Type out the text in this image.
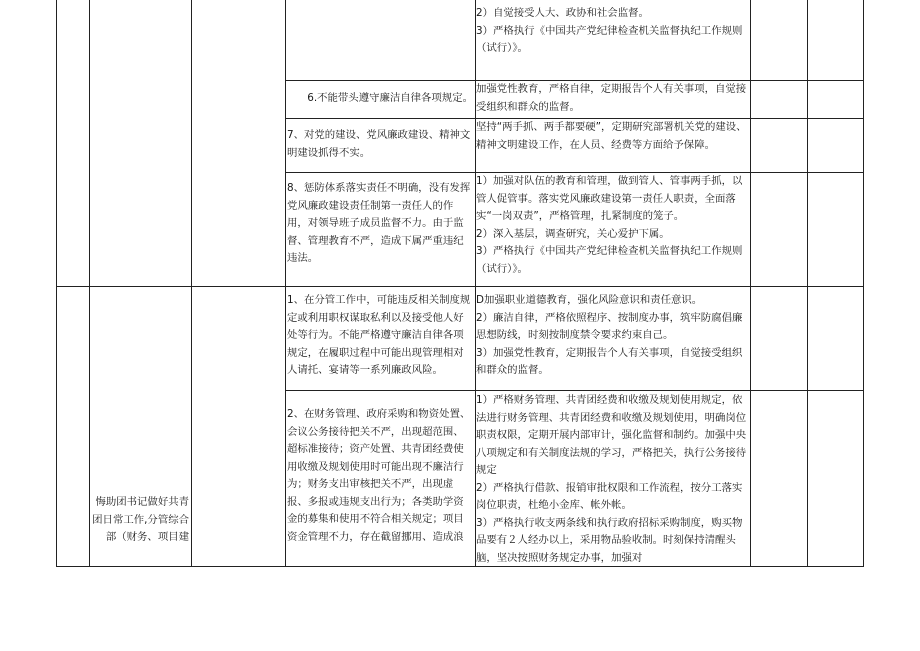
2）自觉接受人大、政协和社会监督。

3）严格执行《中国共产党纪律检查机关监督执纪工作规则（试行）》。

6.不能带头遵守廉洁自律各项规定。

加强党性教育，严格自律，定期报告个人有关事项，自觉接受组织和群众的监督。

7、对党的建设、党风廉政建设、精神文明建设抓得不实。

坚持“两手抓、两手都要硬”，定期研究部署机关党的建设、精神文明建设工作，在人员、经费等方面给予保障。

8、惩防体系落实责任不明确，没有发挥党风廉政建设责任制第一责任人的作用，对领导班子成员监督不力。由于监督、管理教育不严，造成下属严重违纪违法。

1）加强对队伍的教育和管理，做到管人、管事两手抓，以管人促管事。落实党风廉政建设第一责任人职责，全面落实“一岗双责”，严格管理，扎紧制度的笼子。

2）深入基层，调查研究，关心爱护下属。

3）严格执行《中国共产党纪律检查机关监督执纪工作规则（试行）》。

1、在分管工作中，可能违反相关制度规定或利用职权谋取私利以及接受他人好处等行为。不能严格遵守廉洁自律各项规定，在履职过程中可能出现管理相对人请托、宴请等一系列廉政风险。

D加强职业道德教育，强化风险意识和责任意识。

2）廉洁自律，严格依照程序、按制度办事，筑牢防腐倡廉思想防线，时刻按制度禁令要求约束自己。

3）加强党性教育，定期报告个人有关事项，自觉接受组织和群众的监督。

2、在财务管理、政府采购和物资处置、会议公务接待把关不严，出现超范围、超标准接待；资产处置、共青团经费使用收缴及规划使用时可能出现不廉洁行为；财务支出审核把关不严，出现虚报、多报或违规支出行为；各类助学资金的募集和使用不符合相关规定；项目资金管理不力，存在截留挪用、造成浪

1）严格财务管理、共青团经费和收缴及规划使用规定，依法进行财务管理、共青团经费和收缴及规划使用，明确岗位职责权限，定期开展内部审计，强化监督和制约。加强中央八项规定和有关制度法规的学习，严格把关，执行公务接待规定

2）严格执行借款、报销审批权限和工作流程，按分工落实岗位职责，杜绝小金库、帐外帐。

3）严格执行收支两条线和执行政府招标采购制度，购买物品要有２人经办以上，采用物品验收制。时刻保持清醒头脑，坚决按照财务规定办事，加强对

悔助团书记做好共青团日常工作,分管综合部（财务、项目建
